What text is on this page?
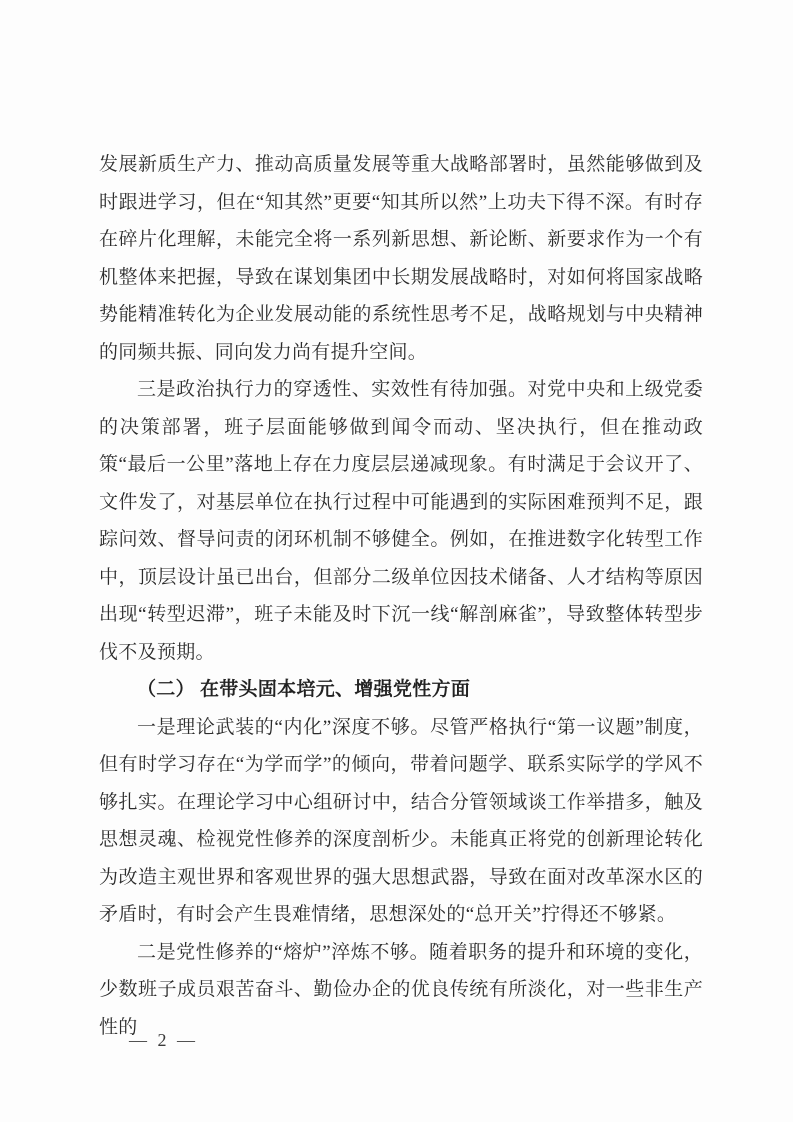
发展新质生产力、推动高质量发展等重大战略部署时，虽然能够做到及时跟进学习，但在“知其然”更要“知其所以然”上功夫下得不深。有时存在碎片化理解，未能完全将一系列新思想、新论断、新要求作为一个有机整体来把握，导致在谋划集团中长期发展战略时，对如何将国家战略势能精准转化为企业发展动能的系统性思考不足，战略规划与中央精神的同频共振、同向发力尚有提升空间。

三是政治执行力的穿透性、实效性有待加强。对党中央和上级党委的决策部署，班子层面能够做到闻令而动、坚决执行，但在推动政策“最后一公里”落地上存在力度层层递减现象。有时满足于会议开了、文件发了，对基层单位在执行过程中可能遇到的实际困难预判不足，跟踪问效、督导问责的闭环机制不够健全。例如，在推进数字化转型工作中，顶层设计虽已出台，但部分二级单位因技术储备、人才结构等原因出现“转型迟滞”，班子未能及时下沉一线“解剖麻雀”，导致整体转型步伐不及预期。

（二） 在带头固本培元、增强党性方面

一是理论武装的“内化”深度不够。尽管严格执行“第一议题”制度，但有时学习存在“为学而学”的倾向，带着问题学、联系实际学的学风不够扎实。在理论学习中心组研讨中，结合分管领域谈工作举措多，触及思想灵魂、检视党性修养的深度剖析少。未能真正将党的创新理论转化为改造主观世界和客观世界的强大思想武器，导致在面对改革深水区的矛盾时，有时会产生畏难情绪，思想深处的“总开关”拧得还不够紧。

二是党性修养的“熔炉”淬炼不够。随着职务的提升和环境的变化，少数班子成员艰苦奋斗、勤俭办企的优良传统有所淡化，对一些非生产性的

— 2 —
